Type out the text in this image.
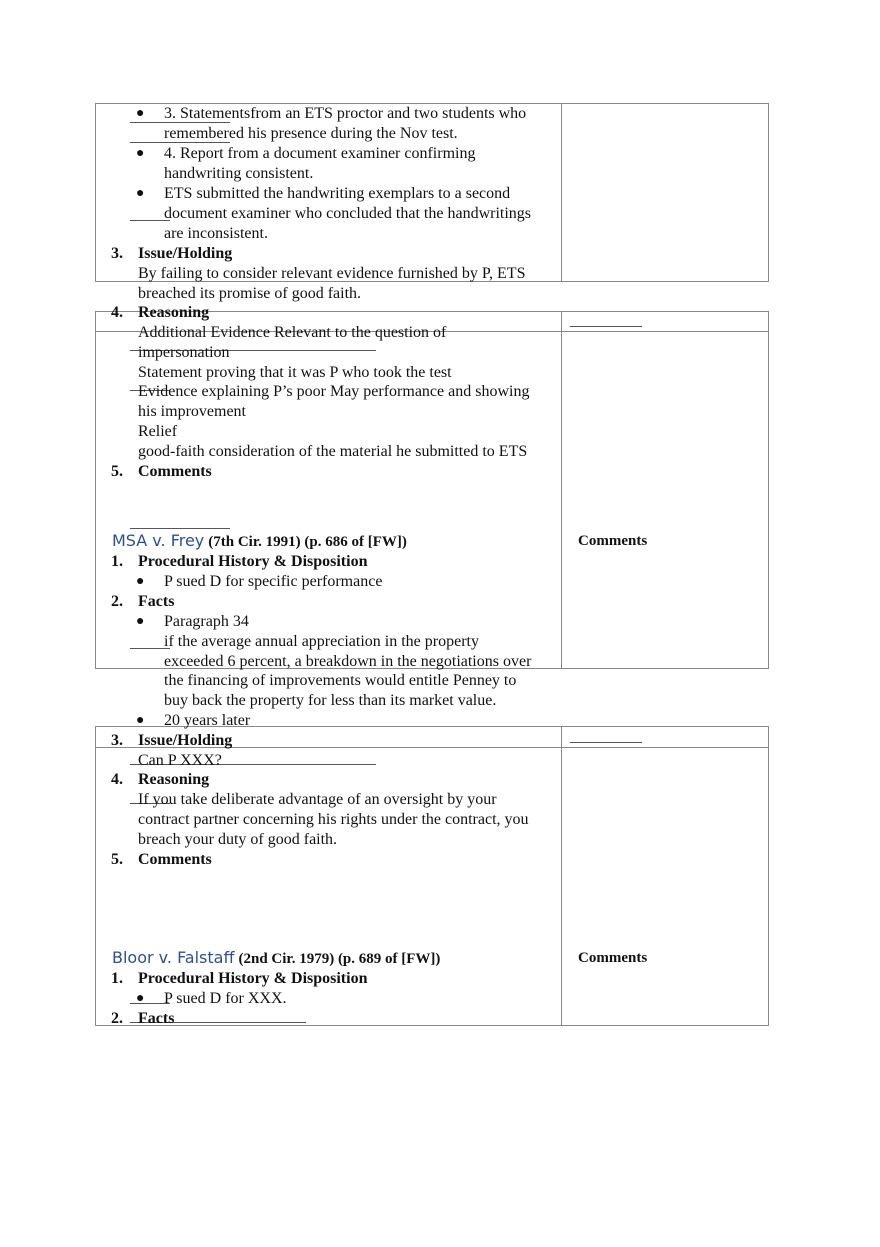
● 3. Statementsfrom an ETS proctor and two students who
remembered his presence during the Nov test.
● 4. Report from a document examiner confirming
handwriting consistent.
● ETS submitted the handwriting exemplars to a second
document examiner who concluded that the handwritings
are inconsistent.
3. Issue/Holding
By failing to consider relevant evidence furnished by P, ETS
breached its promise of good faith.
4. Reasoning
Additional Evidence Relevant to the question of
impersonation
Statement proving that it was P who took the test
Evidence explaining P’s poor May performance and showing
his improvement
Relief
good-faith consideration of the material he submitted to ETS
5. Comments
MSA v. Frey (7th Cir. 1991) (p. 686 of [FW])	Comments
1. Procedural History & Disposition
● P sued D for specific performance
2. Facts
● Paragraph 34
if the average annual appreciation in the property
exceeded 6 percent, a breakdown in the negotiations over
the financing of improvements would entitle Penney to
buy back the property for less than its market value.
● 20 years later
3. Issue/Holding
Can P XXX?
4. Reasoning
If you take deliberate advantage of an oversight by your
contract partner concerning his rights under the contract, you
breach your duty of good faith.
5. Comments
Bloor v. Falstaff (2nd Cir. 1979) (p. 689 of [FW])	Comments
1. Procedural History & Disposition
● P sued D for XXX.
2. Facts
